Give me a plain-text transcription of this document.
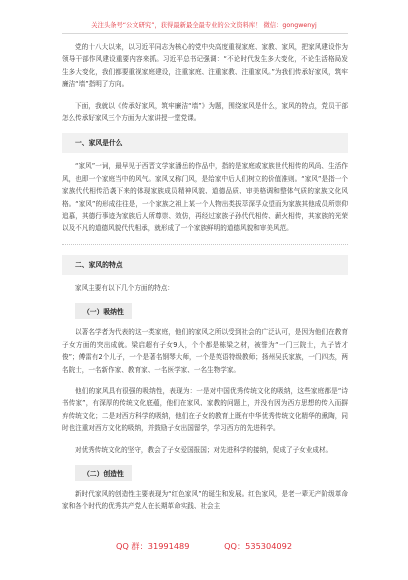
关注头条号“公文研究”，获得最新最全最专业的公文资料库！ 微信：gongwenyj

党的十八大以来，以习近平同志为核心的党中央高度重视家庭、家教、家风，把家风建设作为领导干部作风建设重要内容来抓。习近平总书记强调：“不论时代发生多大变化，不论生活格局发生多大变化，我们都要重视家庭建设，注重家庭、注重家教、注重家风。”为我们传承好家风，筑牢廉洁“墙”指明了方向。

下面，我就以《传承好家风，筑牢廉洁“墙”》为题，围绕家风是什么，家风的特点，党员干部怎么传承好家风三个方面为大家讲授一堂党课。

一、家风是什么

“家风”一词，最早见于西晋文学家潘岳的作品中，指的是家庭或家族世代相传的风尚、生活作风，也即一个家庭当中的风气。家风又称门风，是给家中后人们树立的价值准则。“家风”是指一个家族代代相传沿袭下来的体现家族成员精神风貌、道德品质、审美格调和整体气质的家族文化风格。“家风”的形成往往是，一个家族之祖上某一个人物出类拔萃深孚众望而为家族其他成员所崇仰追慕，其德行事迹为家族后人所尊崇、效仿，再经过家族子孙代代相传、薪火相传，其家族的光荣以及不凡的道德风貌代代相承，就形成了一个家族鲜明的道德风貌和审美风范。

二、家风的特点

家风主要有以下几个方面的特点：

（一）吸纳性

以著名学者为代表的这一类家庭，他们的家风之所以受到社会的广泛认可，是因为他们在教育子女方面的突出成就。梁启超有子女9人，个个都是栋梁之材，被誉为“一门三院士，九子皆才俊”；傅雷有2个儿子，一个是著名钢琴大师，一个是英语特级教师；扬州吴氏家族，一门四杰，两名院士，一名新作家、教育家、一名医学家、一名生物学家。

他们的家风具有很强的吸纳性，表现为：一是对中国优秀传统文化的吸纳，这些家庭都是“诗书传家”，有深厚的传统文化底蕴，他们在家风、家教的问题上，并没有因为西方思想的传入而摒弃传统文化；二是对西方科学的吸纳，他们在子女的教育上既有中华优秀传统文化精华的熏陶，同时也注重对西方文化的吸纳，并鼓励子女出国留学，学习西方的先进科学。

对优秀传统文化的坚守，教会了子女爱国报国；对先进科学的接纳，促成了子女业成材。

（二）创造性

新时代家风的创造性主要表现为“红色家风”的诞生和发展。红色家风，是老一辈无产阶级革命家和各个时代的优秀共产党人在长期革命实践、社会主

QQ 群：31991489	QQ：535304092
